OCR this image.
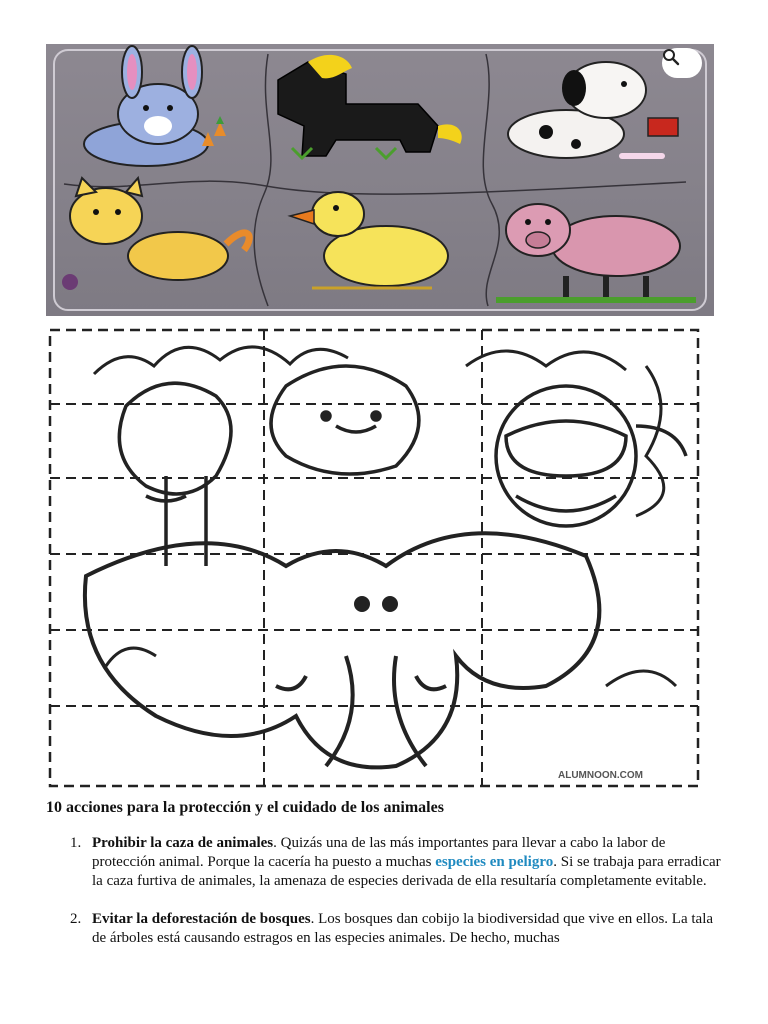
ALUMNOON.COM
10 acciones para la protección y el cuidado de los animales
1. Prohibir la caza de animales. Quizás una de las más importantes para llevar a cabo la labor de protección animal. Porque la cacería ha puesto a muchas especies en peligro. Si se trabaja para erradicar la caza furtiva de animales, la amenaza de especies derivada de ella resultaría completamente evitable.
2. Evitar la deforestación de bosques. Los bosques dan cobijo la biodiversidad que vive en ellos. La tala de árboles está causando estragos en las especies animales. De hecho, muchas
